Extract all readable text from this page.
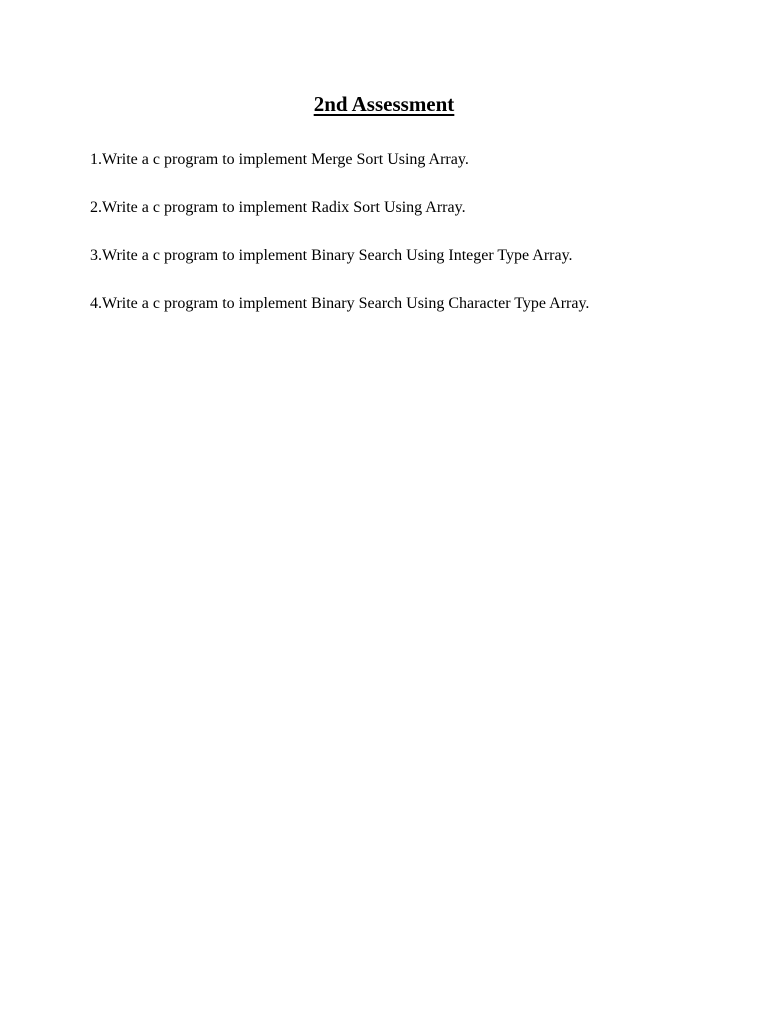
2nd Assessment
1.Write a c program to implement Merge Sort Using Array.
2.Write a c program to implement Radix Sort Using Array.
3.Write a c program to implement Binary Search Using Integer Type Array.
4.Write a c program to implement Binary Search Using Character Type Array.
